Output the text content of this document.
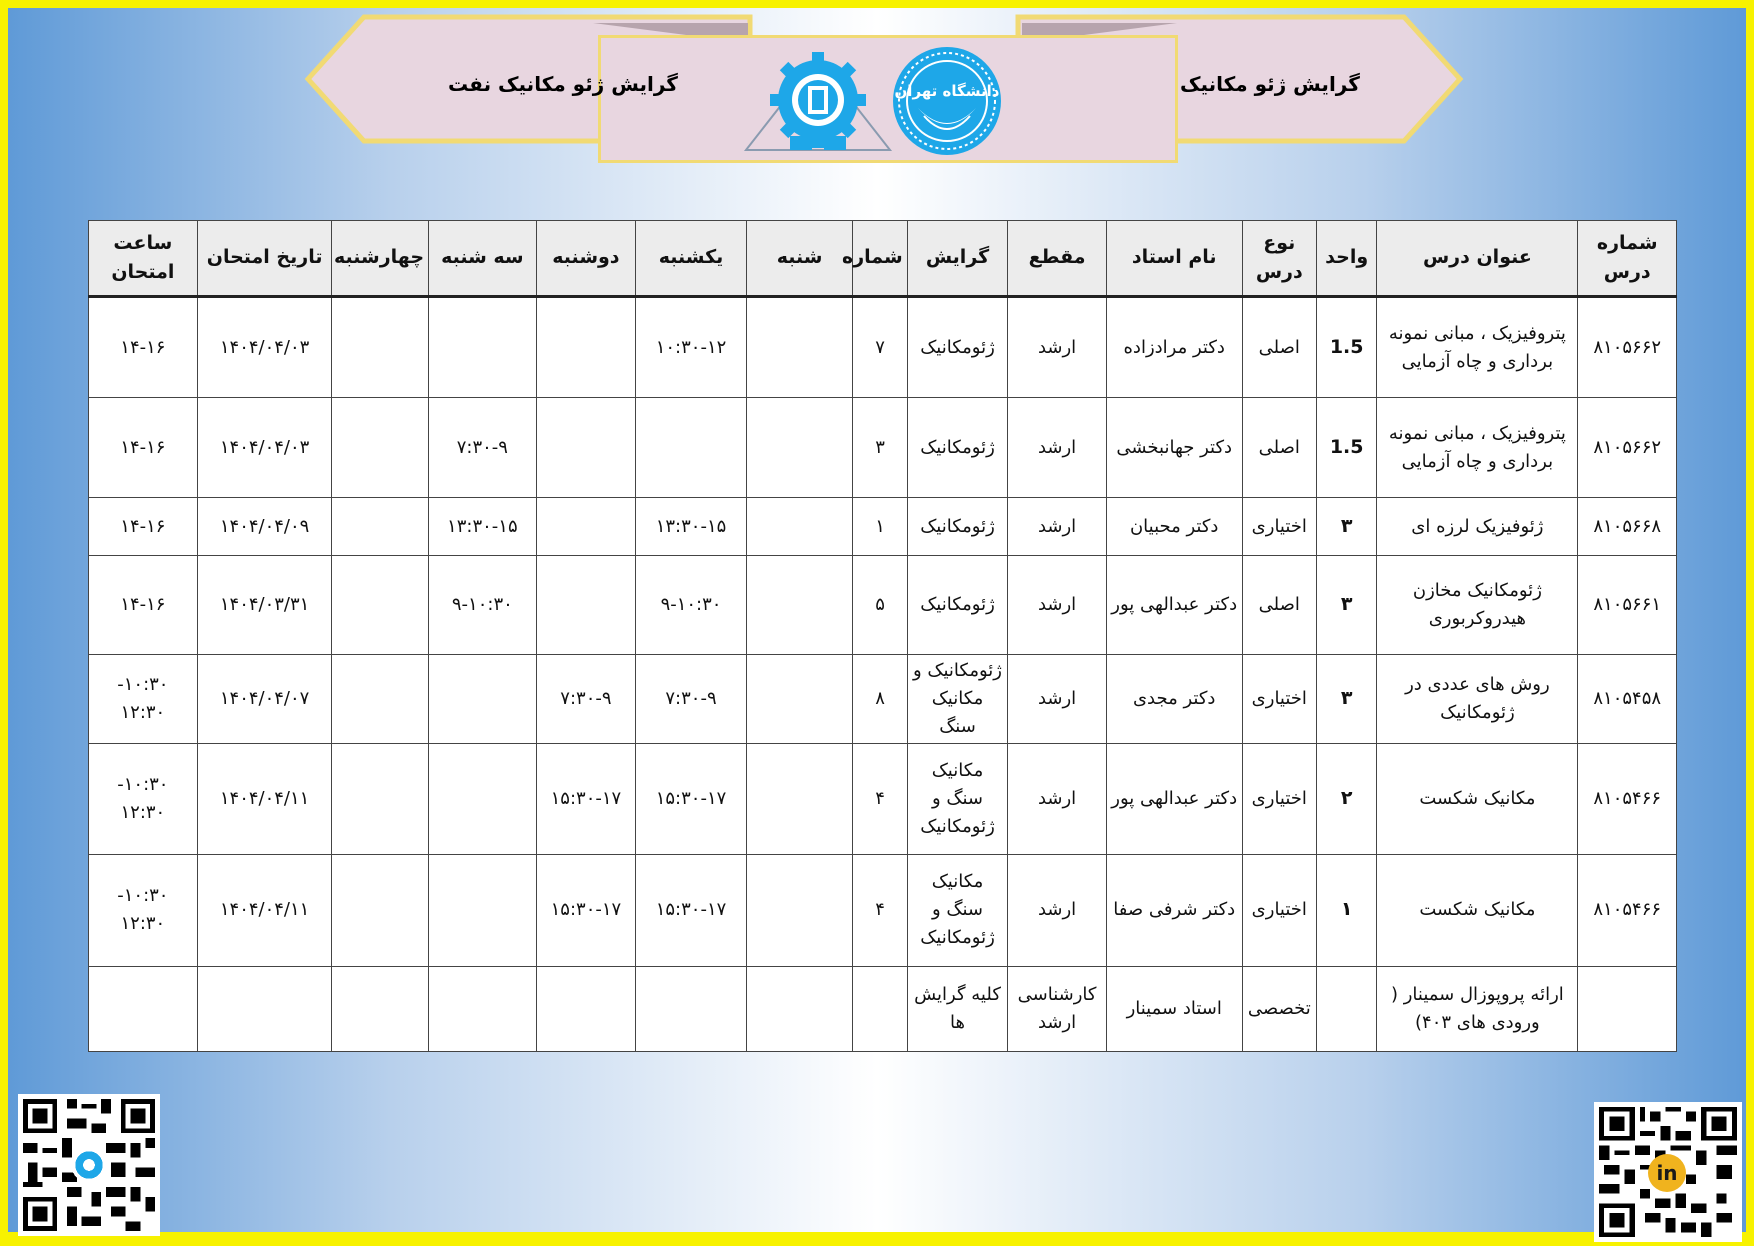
گرایش ژئو مکانیک نفت	گرایش ژئو مکانیک
دانشگاه تهران
شماره درس	عنوان درس	واحد	نوع درس	نام استاد	مقطع	گرایش	شماره	شنبه	یکشنبه	دوشنبه	سه شنبه	چهارشنبه	تاریخ امتحان	ساعت امتحان
۸۱۰۵۶۶۲	پتروفیزیک ، مبانی نمونه برداری و چاه آزمایی	1.5	اصلی	دکتر مرادزاده	ارشد	ژئومکانیک	۷		۱۰:۳۰-۱۲				۱۴۰۴/۰۴/۰۳	۱۴-۱۶
۸۱۰۵۶۶۲	پتروفیزیک ، مبانی نمونه برداری و چاه آزمایی	1.5	اصلی	دکتر جهانبخشی	ارشد	ژئومکانیک	۳				۷:۳۰-۹		۱۴۰۴/۰۴/۰۳	۱۴-۱۶
۸۱۰۵۶۶۸	ژئوفیزیک لرزه ای	۳	اختیاری	دکتر محبیان	ارشد	ژئومکانیک	۱		۱۳:۳۰-۱۵		۱۳:۳۰-۱۵		۱۴۰۴/۰۴/۰۹	۱۴-۱۶
۸۱۰۵۶۶۱	ژئومکانیک مخازن هیدروکربوری	۳	اصلی	دکتر عبدالهی پور	ارشد	ژئومکانیک	۵		۹-۱۰:۳۰		۹-۱۰:۳۰		۱۴۰۴/۰۳/۳۱	۱۴-۱۶
۸۱۰۵۴۵۸	روش های عددی در ژئومکانیک	۳	اختیاری	دکتر مجدی	ارشد	ژئومکانیک و مکانیک سنگ	۸		۷:۳۰-۹	۷:۳۰-۹			۱۴۰۴/۰۴/۰۷	۱۰:۳۰- ۱۲:۳۰
۸۱۰۵۴۶۶	مکانیک شکست	۲	اختیاری	دکتر عبدالهی پور	ارشد	مکانیک سنگ و ژئومکانیک	۴		۱۵:۳۰-۱۷	۱۵:۳۰-۱۷			۱۴۰۴/۰۴/۱۱	۱۰:۳۰- ۱۲:۳۰
۸۱۰۵۴۶۶	مکانیک شکست	۱	اختیاری	دکتر شرفی صفا	ارشد	مکانیک سنگ و ژئومکانیک	۴		۱۵:۳۰-۱۷	۱۵:۳۰-۱۷			۱۴۰۴/۰۴/۱۱	۱۰:۳۰- ۱۲:۳۰
	ارائه پروپوزال سمینار ( ورودی های ۴۰۳)		تخصصی	استاد سمینار	کارشناسی ارشد	کلیه گرایش ها								
in
